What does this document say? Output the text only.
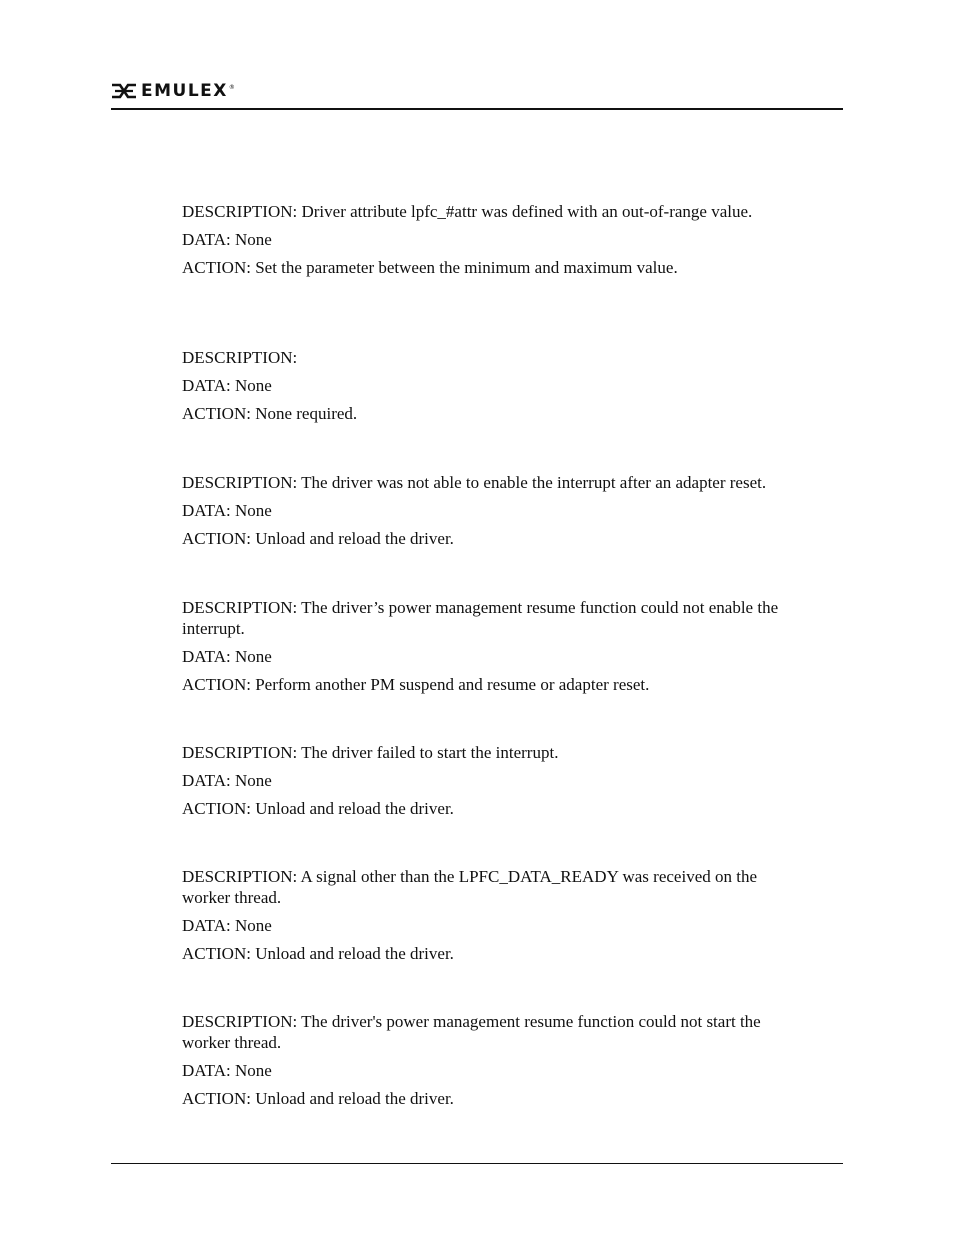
EMULEX ®

DESCRIPTION: Driver attribute lpfc_#attr was defined with an out-of-range value.

DATA: None

ACTION: Set the parameter between the minimum and maximum value.

DESCRIPTION:

DATA: None

ACTION: None required.

DESCRIPTION: The driver was not able to enable the interrupt after an adapter reset.

DATA: None

ACTION: Unload and reload the driver.

DESCRIPTION: The driver’s power management resume function could not enable the

interrupt.

DATA: None

ACTION: Perform another PM suspend and resume or adapter reset.

DESCRIPTION: The driver failed to start the interrupt.

DATA: None

ACTION: Unload and reload the driver.

DESCRIPTION: A signal other than the LPFC_DATA_READY was received on the

worker thread.

DATA: None

ACTION: Unload and reload the driver.

DESCRIPTION: The driver's power management resume function could not start the

worker thread.

DATA: None

ACTION: Unload and reload the driver.
